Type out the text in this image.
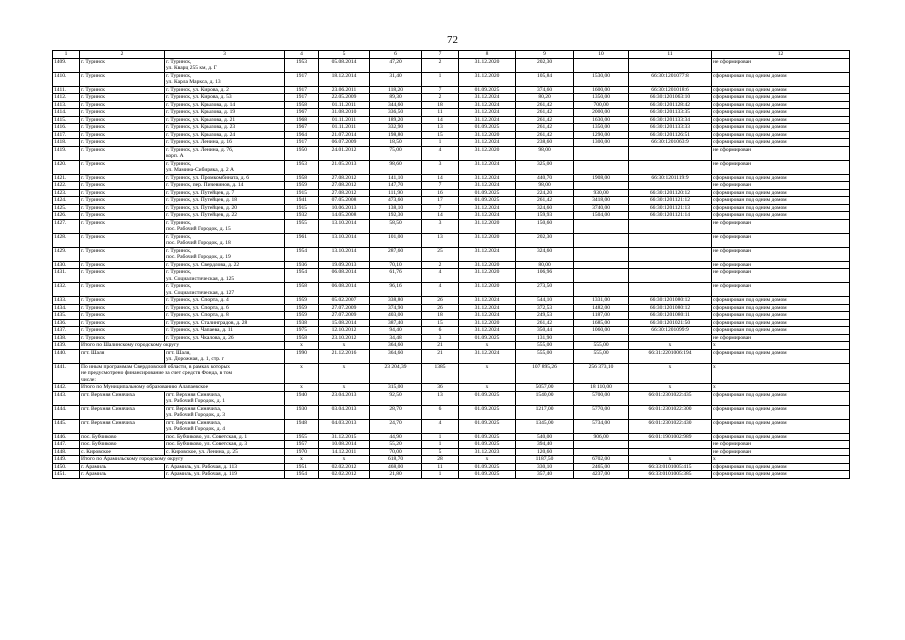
72
1	2	3	4	5	6	7	8	9	10	11	12
1409.	г. Туринск	г. Туринск,
ул. Кварц 255 км, д. Г	1953	05.08.2014	47,20	2	31.12.2020	202,30			не сформирован
1410.	г. Туринск	г. Туринск,
ул. Карла Маркса, д. 13	1917	18.12.2014	31,40	1	31.12.2020	105,84	1530,00	66:30:1201077:8	сформирован под одним домом
1411.	г. Туринск	г. Туринск, ул. Кирова, д. 2	1917	23.06.2011	118,20	7	01.09.2025	374,60	1600,00	66:30:1201018:6	сформирован под одним домом
1412.	г. Туринск	г. Туринск, ул. Кирова, д. 53	1917	22.05.2009	89,30	2	31.12.2024	80,20	1350,00	66:30:1201063:10	сформирован под одним домом
1413.	г. Туринск	г. Туринск, ул. Крылова, д. 14	1958	01.11.2011	344,60	18	31.12.2024	261,42	700,00	66:30:1201128:42	сформирован под одним домом
1414.	г. Туринск	г. Туринск, ул. Крылова, д. 19	1967	31.08.2010	336,50	11	31.12.2024	261,42	2000,00	66:30:1201133:35	сформирован под одним домом
1415.	г. Туринск	г. Туринск, ул. Крылова, д. 21	1968	01.11.2011	189,20	14	31.12.2024	261,42	1630,00	66:30:1201133:34	сформирован под одним домом
1416.	г. Туринск	г. Туринск, ул. Крылова, д. 23	1967	01.11.2011	332,90	13	01.09.2025	261,42	1350,00	66:30:1201133:33	сформирован под одним домом
1417.	г. Туринск	г. Туринск, ул. Крылова, д. 24	1964	21.07.2014	198,80	15	31.12.2020	261,42	1290,00	66:30:1201126:51	сформирован под одним домом
1418.	г. Туринск	г. Туринск, ул. Ленина, д. 16	1917	06.07.2009	18,50	1	31.12.2024	238,60	1300,00	66:30:1201063:9	сформирован под одним домом
1419.	г. Туринск	г. Туринск, ул. Ленина, д. 76,
корп. А	1950	24.01.2012	75,00	4	31.12.2020	98,00			не сформирован
1420.	г. Туринск	г. Туринск,
ул. Мамина-Сибиряка, д. 2 А	1953	21.05.2013	98,60	3	31.12.2024	325,00			не сформирован
1421.	г. Туринск	г. Туринск, ул. Промкомбината, д. 6	1958	27.08.2012	141,10	14	31.12.2024	440,70	1908,00	66:30:1201119:9	сформирован под одним домом
1422.	г. Туринск	г. Туринск, пер. Пичевинов, д. 14	1959	27.08.2012	147,70	7	31.12.2024	98,00			не сформирован
1423.	г. Туринск	г. Туринск, ул. Путейцев, д. 7	1915	27.08.2012	111,90	16	01.09.2025	224,20	930,00	66:30:1201120:12	сформирован под одним домом
1424.	г. Туринск	г. Туринск, ул. Путейцев, д. 18	1941	07.05.2008	473,60	17	01.09.2025	261,42	3418,00	66:30:1201121:12	сформирован под одним домом
1425.	г. Туринск	г. Туринск, ул. Путейцев, д. 20	1915	10.06.2013	138,10	7	31.12.2024	324,60	3740,00	66:30:1201121:13	сформирован под одним домом
1426.	г. Туринск	г. Туринск, ул. Путейцев, д. 22	1932	14.05.2008	192,30	14	31.12.2024	159,93	1504,00	66:30:1201121:14	сформирован под одним домом
1427.	г. Туринск	г. Туринск,
пос. Рабочий Городок, д. 15	1955	13.10.2014	58,50	3	31.12.2020	150,60			не сформирован
1428.	г. Туринск	г. Туринск,
пос. Рабочий Городок, д. 18	1961	13.10.2014	101,00	13	31.12.2020	202,30			не сформирован
1429.	г. Туринск	г. Туринск,
пос. Рабочий Городок, д. 19	1954	13.10.2014	287,60	25	31.12.2024	324,60			не сформирован
1430.	г. Туринск	г. Туринск, ул. Свердлова, д. 22	1936	19.09.2013	70,10	2	31.12.2020	80,00			не сформирован
1431.	г. Туринск	г. Туринск,
ул. Социалистическая, д. 125	1954	06.08.2014	61,76	4	31.12.2020	106,96			не сформирован
1432.	г. Туринск	г. Туринск,
ул. Социалистическая, д. 127	1958	06.08.2014	96,16	4	31.12.2020	273,50			не сформирован
1433.	г. Туринск	г. Туринск, ул. Спорта, д. 4	1959	05.02.2007	338,80	26	31.12.2024	544,10	1331,00	66:30:1201080:12	сформирован под одним домом
1434.	г. Туринск	г. Туринск, ул. Спорта, д. 6	1959	27.07.2009	374,90	26	31.12.2024	372,53	1482,00	66:30:1201080:12	сформирован под одним домом
1435.	г. Туринск	г. Туринск, ул. Спорта, д. 8	1959	27.07.2009	403,00	18	31.12.2024	249,53	1187,00	66:30:1201080:11	сформирован под одним домом
1436.	г. Туринск	г. Туринск, ул. Сталинградов, д. 28	1938	15.08.2014	387,40	15	31.12.2020	261,42	1685,00	66:30:1201021:50	сформирован под одним домом
1437.	г. Туринск	г. Туринск, ул. Чапаева, д. 11	1975	12.10.2012	94,40	6	31.12.2024	350,44	1060,00	66:30:1201099:9	сформирован под одним домом
1438.	г. Туринск	г. Туринск, ул. Чкалова, д. 26	1958	23.10.2012	34,48	3	01.09.2025	131,90			не сформирован
1439.	Итого по Шалинскому городскому округу		x	x	364,60	21	x	555,00	555,00	x	x
1440.	пгт. Шаля	пгт. Шаля,
ул. Дорожная, д. 1, стр. г	1990	21.12.2016	364,60	21	31.12.2024	555,00	555,00	66:31:2201006:194	сформирован под одним домом
1441.	По иным программам Свердловской области, в рамках которых
не предусмотрено финансирование за счет средств Фонда, в том
числе:		x	x	23 204,39	1385	x	107 895,26	256 373,10	x	x
1442.	Итого по Муниципальному образованию Алапаевское		x	x	315,00	36	x	5057,00	18 110,00	x	x
1443.	пгт. Верхняя Синячиха	пгт. Верхняя Синячиха,
ул. Рабочий Городок, д. 1	1940	23.04.2013	92,50	13	01.09.2025	1540,00	5700,00	66:01:2301022:435	сформирован под одним домом
1444.	пгт. Верхняя Синячиха	пгт. Верхняя Синячиха,
ул. Рабочий Городок, д. 3	1930	03.04.2013	28,70	6	01.09.2025	1217,00	5770,00	66:01:2301022:300	сформирован под одним домом
1445.	пгт. Верхняя Синячиха	пгт. Верхняя Синячиха,
ул. Рабочий Городок, д. 4	1948	04.03.2013	24,70	4	01.09.2025	1345,00	5734,00	66:01:2301022:430	сформирован под одним домом
1446.	пос. Бубчиково	пос. Бубчиково, ул. Советская, д. 1	1955	31.12.2015	44,90	1	01.09.2025	540,00	906,00	66:01:1901002:989	сформирован под одним домом
1447.	пос. Бубчиково	пос. Бубчиково, ул. Советская, д. 3	1957	10.08.2014	55,20	1	01.09.2025	394,40			не сформирован
1448.	с. Кировское	с. Кировское, ул. Ленина, д. 25	1970	14.12.2011	70,00	5	31.12.2023	120,60			не сформирован
1449.	Итого по Арамильскому городскому округу		x	x	618,70	28	x	1187,50	6702,00	x	x
1450.	г. Арамиль	г. Арамиль, ул. Рабочая, д. 113	1951	02.02.2012	468,00	11	01.09.2025	330,10	2465,00	66:33:0101005:415	сформирован под одним домом
1451.	г. Арамиль	г. Арамиль, ул. Рабочая, д. 119	1954	02.02.2012	21,80	1	01.09.2025	357,40	4237,00	66:33:0101005:385	сформирован под одним домом
